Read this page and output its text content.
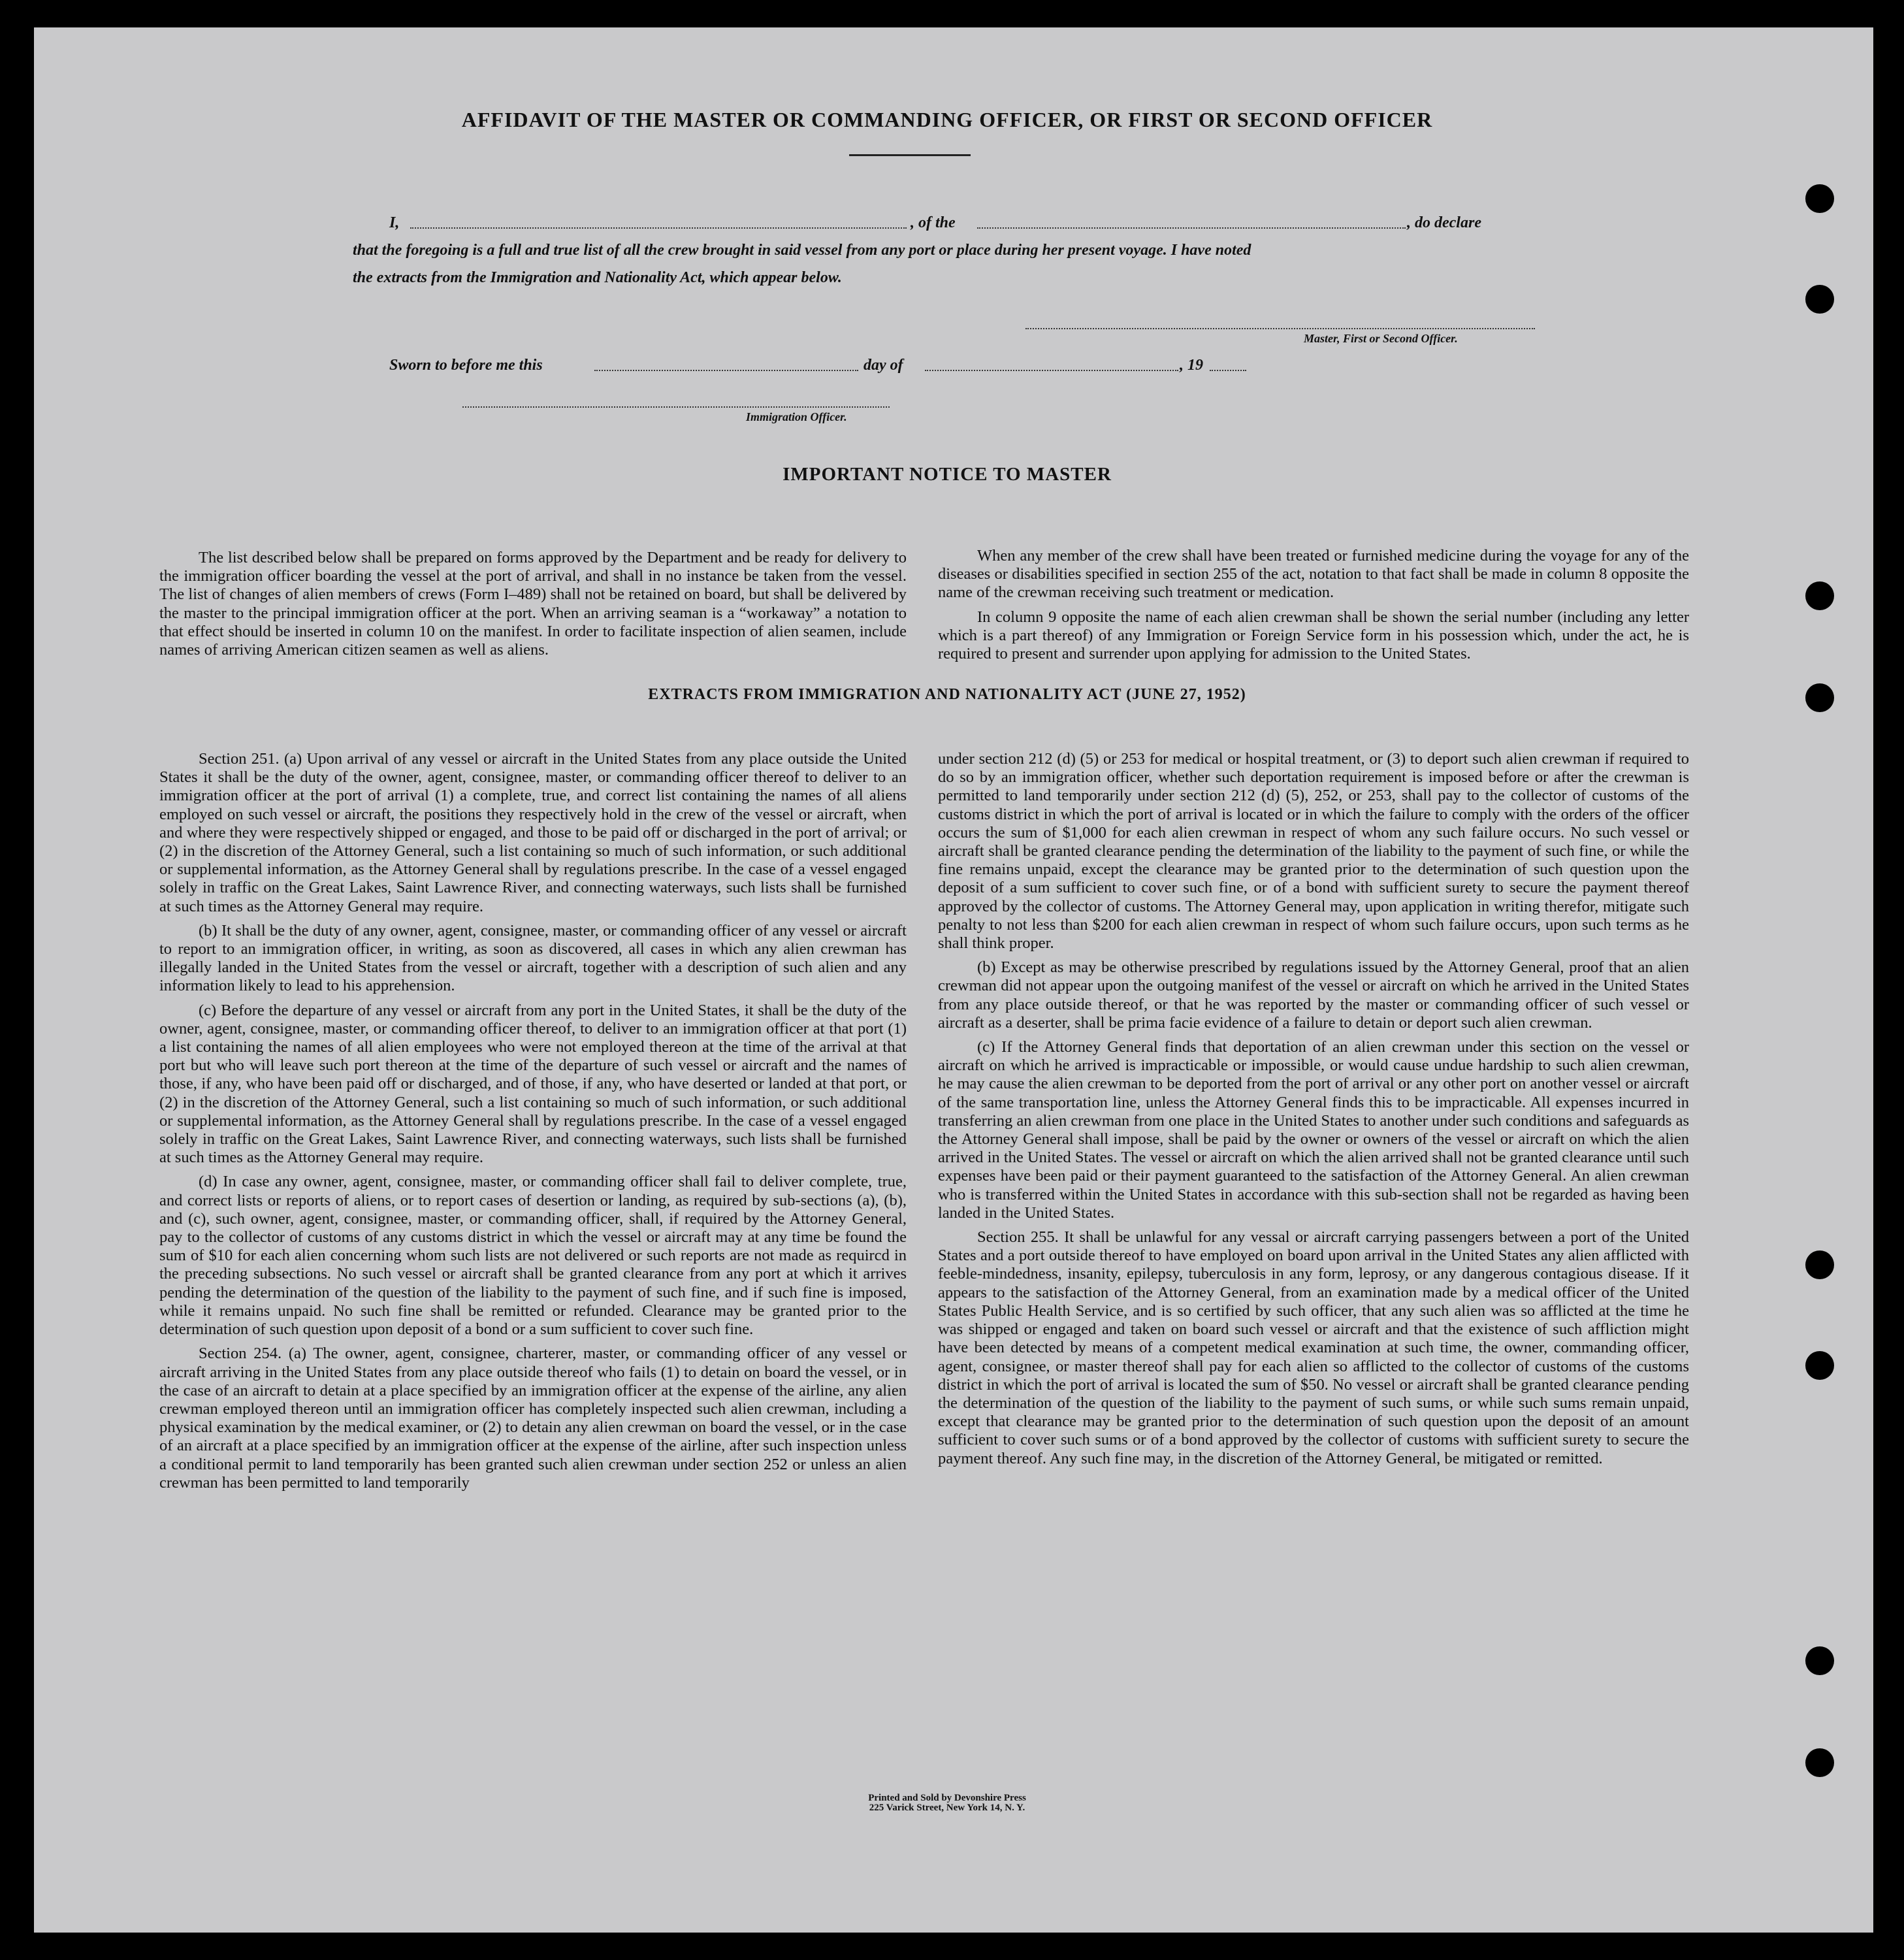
AFFIDAVIT OF THE MASTER OR COMMANDING OFFICER, OR FIRST OR SECOND OFFICER
I,	, of the	, do declare
that the foregoing is a full and true list of all the crew brought in said vessel from any port or place during her present voyage. I have noted
the extracts from the Immigration and Nationality Act, which appear below.
Master, First or Second Officer.
Sworn to before me this	day of	, 19
Immigration Officer.
IMPORTANT NOTICE TO MASTER

The list described below shall be prepared on forms approved by the Department and be ready for delivery to the immigration officer boarding the vessel at the port of arrival, and shall in no instance be taken from the vessel. The list of changes of alien members of crews (Form I–489) shall not be retained on board, but shall be delivered by the master to the principal immigration officer at the port. When an arriving seaman is a “workaway” a notation to that effect should be inserted in column 10 on the manifest. In order to facilitate inspection of alien seamen, include names of arriving American citizen seamen as well as aliens.

When any member of the crew shall have been treated or furnished medicine during the voyage for any of the diseases or disabilities specified in section 255 of the act, notation to that fact shall be made in column 8 opposite the name of the crewman receiving such treatment or medication.

In column 9 opposite the name of each alien crewman shall be shown the serial number (including any letter which is a part thereof) of any Immigration or Foreign Service form in his possession which, under the act, he is required to present and surrender upon applying for admission to the United States.

EXTRACTS FROM IMMIGRATION AND NATIONALITY ACT (JUNE 27, 1952)

Section 251. (a) Upon arrival of any vessel or aircraft in the United States from any place outside the United States it shall be the duty of the owner, agent, consignee, master, or commanding officer thereof to deliver to an immigration officer at the port of arrival (1) a complete, true, and correct list containing the names of all aliens employed on such vessel or aircraft, the positions they respectively hold in the crew of the vessel or aircraft, when and where they were respectively shipped or engaged, and those to be paid off or discharged in the port of arrival; or (2) in the discretion of the Attorney General, such a list containing so much of such information, or such additional or supplemental information, as the Attorney General shall by regulations prescribe. In the case of a vessel engaged solely in traffic on the Great Lakes, Saint Lawrence River, and connecting waterways, such lists shall be furnished at such times as the Attorney General may require.

(b) It shall be the duty of any owner, agent, consignee, master, or commanding officer of any vessel or aircraft to report to an immigration officer, in writing, as soon as discovered, all cases in which any alien crewman has illegally landed in the United States from the vessel or aircraft, together with a description of such alien and any information likely to lead to his apprehension.

(c) Before the departure of any vessel or aircraft from any port in the United States, it shall be the duty of the owner, agent, consignee, master, or commanding officer thereof, to deliver to an immigration officer at that port (1) a list containing the names of all alien employees who were not employed thereon at the time of the arrival at that port but who will leave such port thereon at the time of the departure of such vessel or aircraft and the names of those, if any, who have been paid off or discharged, and of those, if any, who have deserted or landed at that port, or (2) in the discretion of the Attorney General, such a list containing so much of such information, or such additional or supplemental information, as the Attorney General shall by regulations prescribe. In the case of a vessel engaged solely in traffic on the Great Lakes, Saint Lawrence River, and connecting waterways, such lists shall be furnished at such times as the Attorney General may require.

(d) In case any owner, agent, consignee, master, or commanding officer shall fail to deliver complete, true, and correct lists or reports of aliens, or to report cases of desertion or landing, as required by sub-sections (a), (b), and (c), such owner, agent, consignee, master, or commanding officer, shall, if required by the Attorney General, pay to the collector of customs of any customs district in which the vessel or aircraft may at any time be found the sum of $10 for each alien concerning whom such lists are not delivered or such reports are not made as requircd in the preceding subsections. No such vessel or aircraft shall be granted clearance from any port at which it arrives pending the determination of the question of the liability to the payment of such fine, and if such fine is imposed, while it remains unpaid. No such fine shall be remitted or refunded. Clearance may be granted prior to the determination of such question upon deposit of a bond or a sum sufficient to cover such fine.

Section 254. (a) The owner, agent, consignee, charterer, master, or commanding officer of any vessel or aircraft arriving in the United States from any place outside thereof who fails (1) to detain on board the vessel, or in the case of an aircraft to detain at a place specified by an immigration officer at the expense of the airline, any alien crewman employed thereon until an immigration officer has completely inspected such alien crewman, including a physical examination by the medical examiner, or (2) to detain any alien crewman on board the vessel, or in the case of an aircraft at a place specified by an immigration officer at the expense of the airline, after such inspection unless a conditional permit to land temporarily has been granted such alien crewman under section 252 or unless an alien crewman has been permitted to land temporarily

under section 212 (d) (5) or 253 for medical or hospital treatment, or (3) to deport such alien crewman if required to do so by an immigration officer, whether such deportation requirement is imposed before or after the crewman is permitted to land temporarily under section 212 (d) (5), 252, or 253, shall pay to the collector of customs of the customs district in which the port of arrival is located or in which the failure to comply with the orders of the officer occurs the sum of $1,000 for each alien crewman in respect of whom any such failure occurs. No such vessel or aircraft shall be granted clearance pending the determination of the liability to the payment of such fine, or while the fine remains unpaid, except the clearance may be granted prior to the determination of such question upon the deposit of a sum sufficient to cover such fine, or of a bond with sufficient surety to secure the payment thereof approved by the collector of customs. The Attorney General may, upon application in writing therefor, mitigate such penalty to not less than $200 for each alien crewman in respect of whom such failure occurs, upon such terms as he shall think proper.

(b) Except as may be otherwise prescribed by regulations issued by the Attorney General, proof that an alien crewman did not appear upon the outgoing manifest of the vessel or aircraft on which he arrived in the United States from any place outside thereof, or that he was reported by the master or commanding officer of such vessel or aircraft as a deserter, shall be prima facie evidence of a failure to detain or deport such alien crewman.

(c) If the Attorney General finds that deportation of an alien crewman under this section on the vessel or aircraft on which he arrived is impracticable or impossible, or would cause undue hardship to such alien crewman, he may cause the alien crewman to be deported from the port of arrival or any other port on another vessel or aircraft of the same transportation line, unless the Attorney General finds this to be impracticable. All expenses incurred in transferring an alien crewman from one place in the United States to another under such conditions and safeguards as the Attorney General shall impose, shall be paid by the owner or owners of the vessel or aircraft on which the alien arrived in the United States. The vessel or aircraft on which the alien arrived shall not be granted clearance until such expenses have been paid or their payment guaranteed to the satisfaction of the Attorney General. An alien crewman who is transferred within the United States in accordance with this sub-section shall not be regarded as having been landed in the United States.

Section 255. It shall be unlawful for any vessal or aircraft carrying passengers between a port of the United States and a port outside thereof to have employed on board upon arrival in the United States any alien afflicted with feeble-mindedness, insanity, epilepsy, tuberculosis in any form, leprosy, or any dangerous contagious disease. If it appears to the satisfaction of the Attorney General, from an examination made by a medical officer of the United States Public Health Service, and is so certified by such officer, that any such alien was so afflicted at the time he was shipped or engaged and taken on board such vessel or aircraft and that the existence of such affliction might have been detected by means of a competent medical examination at such time, the owner, commanding officer, agent, consignee, or master thereof shall pay for each alien so afflicted to the collector of customs of the customs district in which the port of arrival is located the sum of $50. No vessel or aircraft shall be granted clearance pending the determination of the question of the liability to the payment of such sums, or while such sums remain unpaid, except that clearance may be granted prior to the determination of such question upon the deposit of an amount sufficient to cover such sums or of a bond approved by the collector of customs with sufficient surety to secure the payment thereof. Any such fine may, in the discretion of the Attorney General, be mitigated or remitted.

Printed and Sold by Devonshire Press
225 Varick Street, New York 14, N. Y.
